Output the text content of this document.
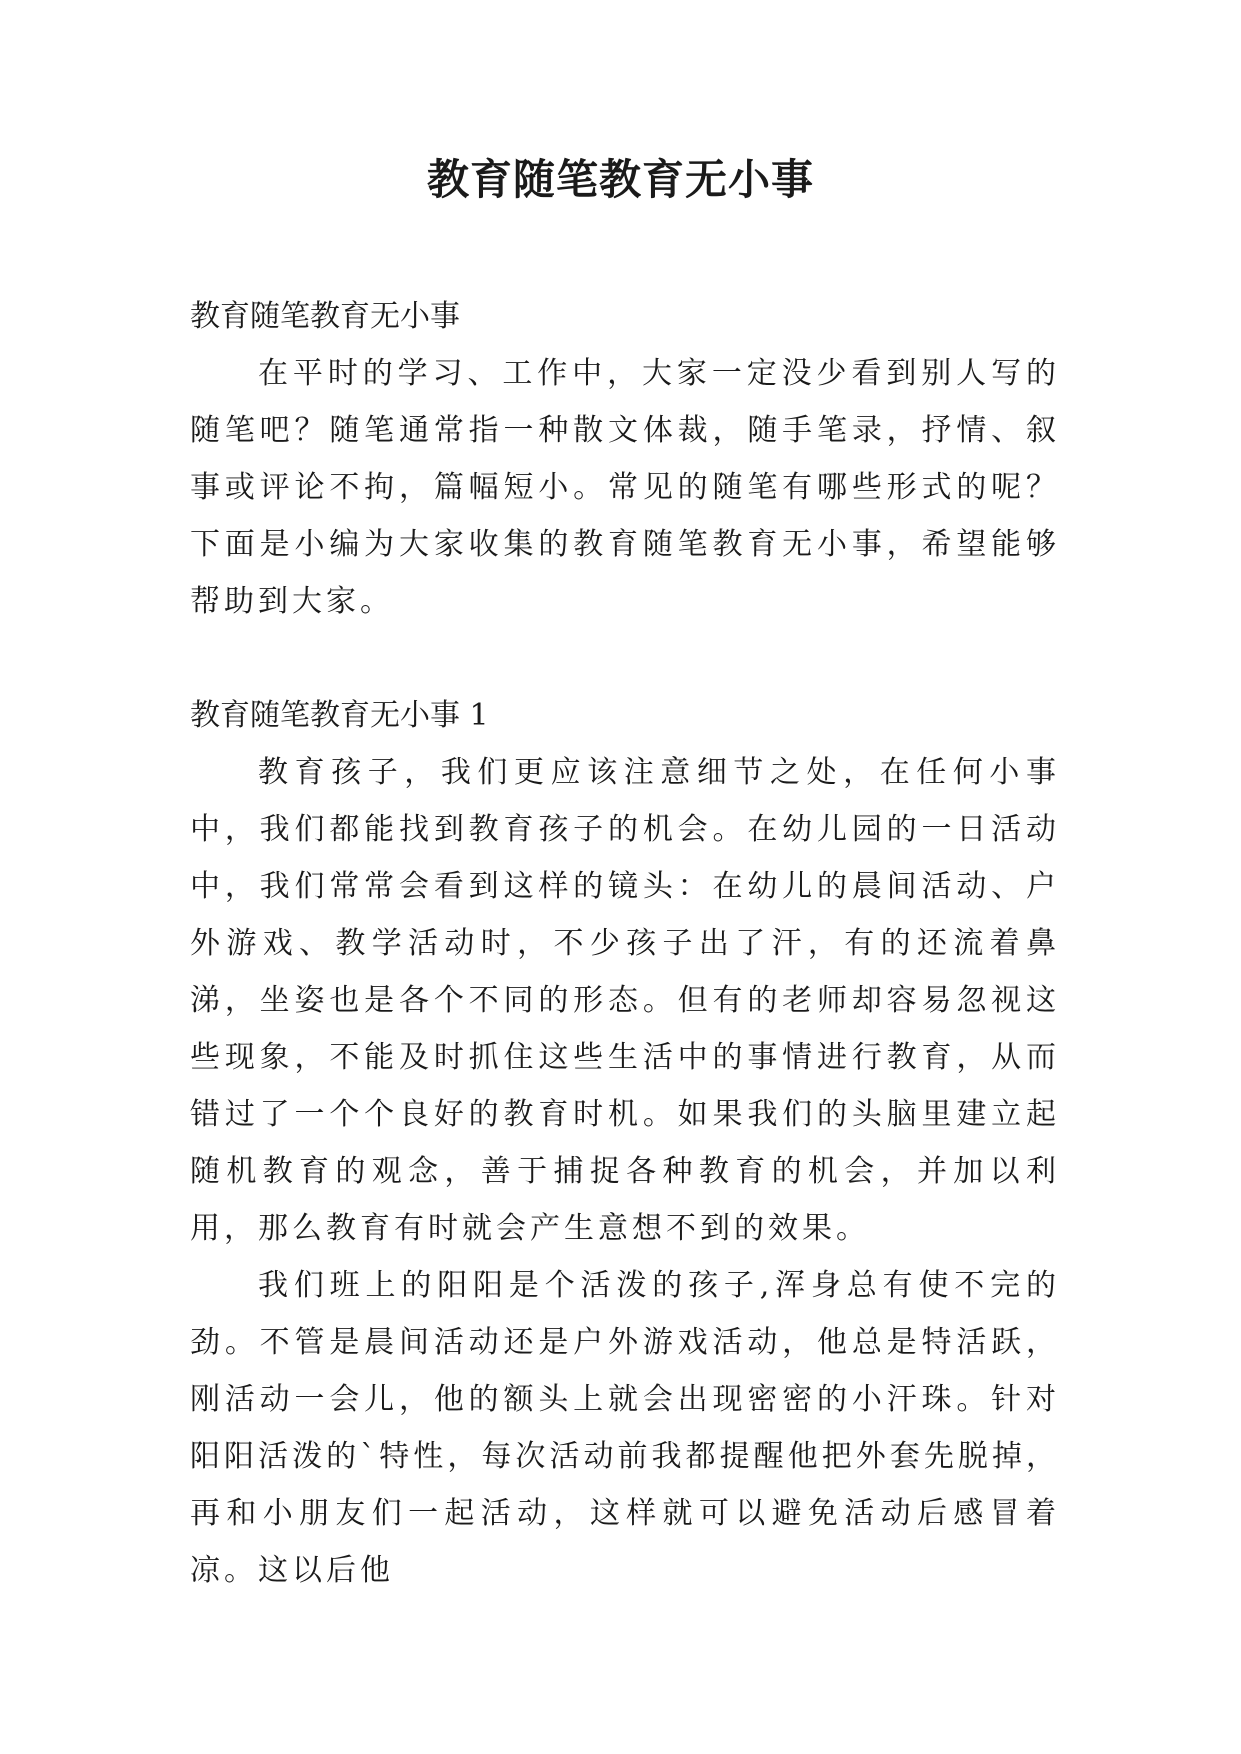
教育随笔教育无小事

教育随笔教育无小事

在平时的学习、工作中，大家一定没少看到别人写的随笔吧？随笔通常指一种散文体裁，随手笔录，抒情、叙事或评论不拘，篇幅短小。常见的随笔有哪些形式的呢？下面是小编为大家收集的教育随笔教育无小事，希望能够帮助到大家。

教育随笔教育无小事 1

教育孩子，我们更应该注意细节之处，在任何小事中，我们都能找到教育孩子的机会。在幼儿园的一日活动中，我们常常会看到这样的镜头：在幼儿的晨间活动、户外游戏、教学活动时，不少孩子出了汗，有的还流着鼻涕，坐姿也是各个不同的形态。但有的老师却容易忽视这些现象，不能及时抓住这些生活中的事情进行教育，从而错过了一个个良好的教育时机。如果我们的头脑里建立起随机教育的观念，善于捕捉各种教育的机会，并加以利用，那么教育有时就会产生意想不到的效果。

我们班上的阳阳是个活泼的孩子,浑身总有使不完的劲。不管是晨间活动还是户外游戏活动，他总是特活跃，刚活动一会儿，他的额头上就会出现密密的小汗珠。针对阳阳活泼的`特性，每次活动前我都提醒他把外套先脱掉，再和小朋友们一起活动，这样就可以避免活动后感冒着凉。这以后他
